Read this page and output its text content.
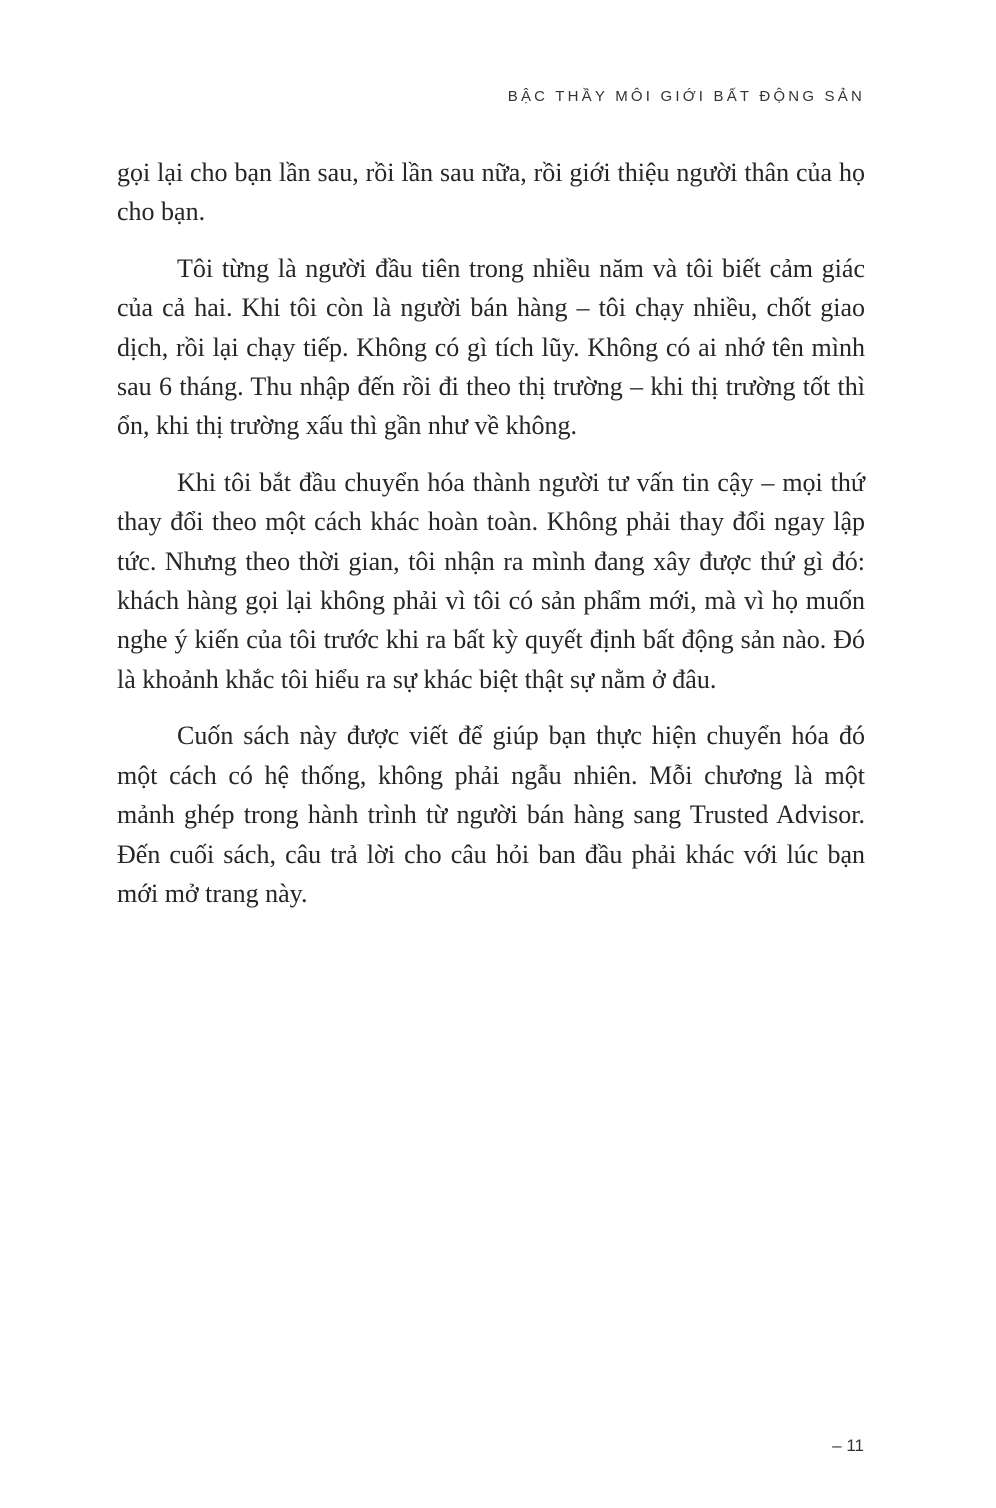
BẬC THẦY MÔI GIỚI BẤT ĐỘNG SẢN

gọi lại cho bạn lần sau, rồi lần sau nữa, rồi giới thiệu người thân của họ cho bạn.

Tôi từng là người đầu tiên trong nhiều năm và tôi biết cảm giác của cả hai. Khi tôi còn là người bán hàng – tôi chạy nhiều, chốt giao dịch, rồi lại chạy tiếp. Không có gì tích lũy. Không có ai nhớ tên mình sau 6 tháng. Thu nhập đến rồi đi theo thị trường – khi thị trường tốt thì ổn, khi thị trường xấu thì gần như về không.

Khi tôi bắt đầu chuyển hóa thành người tư vấn tin cậy – mọi thứ thay đổi theo một cách khác hoàn toàn. Không phải thay đổi ngay lập tức. Nhưng theo thời gian, tôi nhận ra mình đang xây được thứ gì đó: khách hàng gọi lại không phải vì tôi có sản phẩm mới, mà vì họ muốn nghe ý kiến của tôi trước khi ra bất kỳ quyết định bất động sản nào. Đó là khoảnh khắc tôi hiểu ra sự khác biệt thật sự nằm ở đâu.

Cuốn sách này được viết để giúp bạn thực hiện chuyển hóa đó một cách có hệ thống, không phải ngẫu nhiên. Mỗi chương là một mảnh ghép trong hành trình từ người bán hàng sang Trusted Advisor. Đến cuối sách, câu trả lời cho câu hỏi ban đầu phải khác với lúc bạn mới mở trang này.

– 11
